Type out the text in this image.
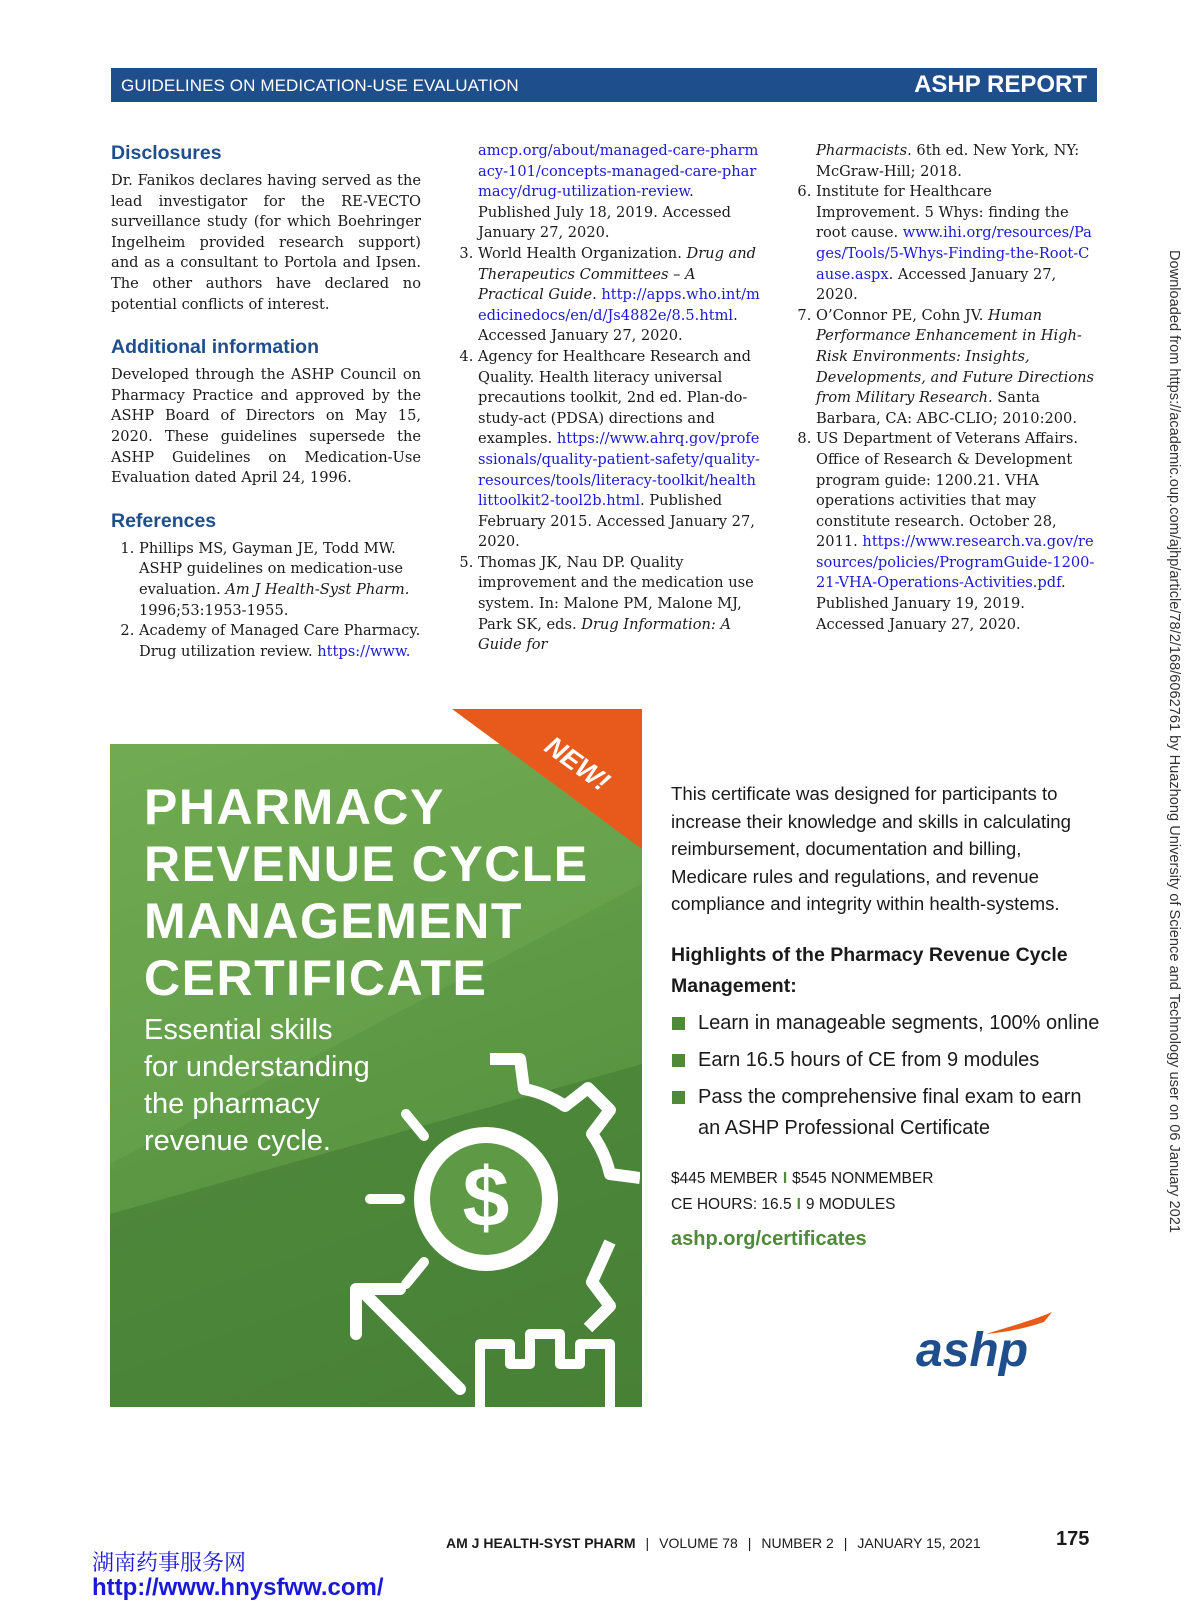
GUIDELINES ON MEDICATION-USE EVALUATION	ASHP REPORT
Disclosures

Dr. Fanikos declares having served as the lead investigator for the RE-VECTO surveillance study (for which Boehringer Ingelheim provided research support) and as a consultant to Portola and Ipsen. The other authors have declared no potential conflicts of interest.

Additional information

Developed through the ASHP Council on Pharmacy Practice and approved by the ASHP Board of Directors on May 15, 2020. These guidelines supersede the ASHP Guidelines on Medication-Use Evaluation dated April 24, 1996.

References
1. Phillips MS, Gayman JE, Todd MW. ASHP guidelines on medication-use evaluation. Am J Health-Syst Pharm. 1996;53:1953-1955.
2. Academy of Managed Care Pharmacy. Drug utilization review. https://www.

amcp.org/about/managed-care-pharmacy-101/concepts-managed-care-pharmacy/drug-utilization-review. Published July 18, 2019. Accessed January 27, 2020.

3. World Health Organization. Drug and Therapeutics Committees – A Practical Guide. http://apps.who.int/medicinedocs/en/d/Js4882e/8.5.html. Accessed January 27, 2020.
4. Agency for Healthcare Research and Quality. Health literacy universal precautions toolkit, 2nd ed. Plan-do-study-act (PDSA) directions and examples. https://www.ahrq.gov/professionals/quality-patient-safety/quality-resources/tools/literacy-toolkit/healthlittoolkit2-tool2b.html. Published February 2015. Accessed January 27, 2020.
5. Thomas JK, Nau DP. Quality improvement and the medication use system. In: Malone PM, Malone MJ, Park SK, eds. Drug Information: A Guide for

Pharmacists. 6th ed. New York, NY: McGraw-Hill; 2018.

6. Institute for Healthcare Improvement. 5 Whys: finding the root cause. www.ihi.org/resources/Pages/Tools/5-Whys-Finding-the-Root-Cause.aspx. Accessed January 27, 2020.
7. O’Connor PE, Cohn JV. Human Performance Enhancement in High-Risk Environments: Insights, Developments, and Future Directions from Military Research. Santa Barbara, CA: ABC-CLIO; 2010:200.
8. US Department of Veterans Affairs. Office of Research & Development program guide: 1200.21. VHA operations activities that may constitute research. October 28, 2011. https://www.research.va.gov/resources/policies/ProgramGuide-1200-21-VHA-Operations-Activities.pdf. Published January 19, 2019. Accessed January 27, 2020.
PHARMACY
REVENUE CYCLE
MANAGEMENT
CERTIFICATE
Essential skills
for understanding
the pharmacy
revenue cycle.
$
NEW!	This certificate was designed for participants to increase their knowledge and skills in calculating reimbursement, documentation and billing, Medicare rules and regulations, and revenue compliance and integrity within health-systems.

Highlights of the Pharmacy Revenue Cycle Management:
Learn in manageable segments, 100% online
Earn 16.5 hours of CE from 9 modules
Pass the comprehensive final exam to earn an ASHP Professional Certificate
$445 MEMBER I $545 NONMEMBER
CE HOURS: 16.5 I 9 MODULES
ashp.org/certificates
ashp
Downloaded from https://academic.oup.com/ajhp/article/78/2/168/6062761 by Huazhong University of Science and Technology user on 06 January 2021
AM J HEALTH-SYST PHARM | VOLUME 78 | NUMBER 2 | JANUARY 15, 2021	175
湖南药事服务网
http://www.hnysfww.com/
